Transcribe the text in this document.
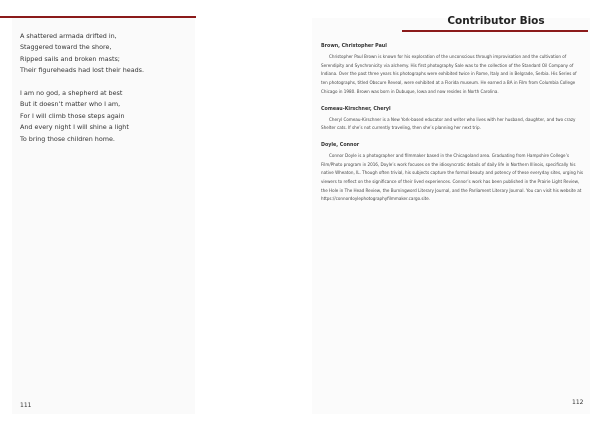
A shattered armada drifted in,
Staggered toward the shore,
Ripped sails and broken masts;
Their figureheads had lost their heads.
I am no god, a shepherd at best
But it doesn’t matter who I am,
For I will climb those steps again
And every night I will shine a light
To bring those children home.
111
Contributor Bios

Brown, Christopher Paul

Christopher Paul Brown is known for his exploration of the unconscious through improvisation and the cultivation of Serendipity and Synchronicity via alchemy. His first photography Sale was to the collection of the Standard Oil Company of Indiana. Over the past three years his photographs were exhibited twice in Rome, Italy and in Belgrade, Serbia. His Series of ten photographs, titled Obscure Reveal, were exhibited at a Florida museum. He earned a BA in Film from Columbia College Chicago in 1980. Brown was born in Dubuque, Iowa and now resides in North Carolina.

Comeau-Kirschner, Cheryl

Cheryl Comeau-Kirschner is a New York-based educator and writer who lives with her husband, daughter, and two crazy Shelter cats. If she’s not currently traveling, then she’s planning her next trip.

Doyle, Connor

Connor Doyle is a photographer and filmmaker based in the Chicagoland area. Graduating from Hampshire College’s Film/Photo program in 2016, Doyle’s work focuses on the idiosyncratic details of daily life in Northern Illinois, specifically his native Wheaton, IL. Though often trivial, his subjects capture the formal beauty and potency of these everyday sites, urging his viewers to reflect on the significance of their lived experiences. Connor’s work has been published in the Prairie Light Review, the Hole in The Head Review, the Burningword Literary Journal, and the Parliament Literary Journal. You can visit his website at https://connordoylephotographyfilmmaker.cargo.site.

112
